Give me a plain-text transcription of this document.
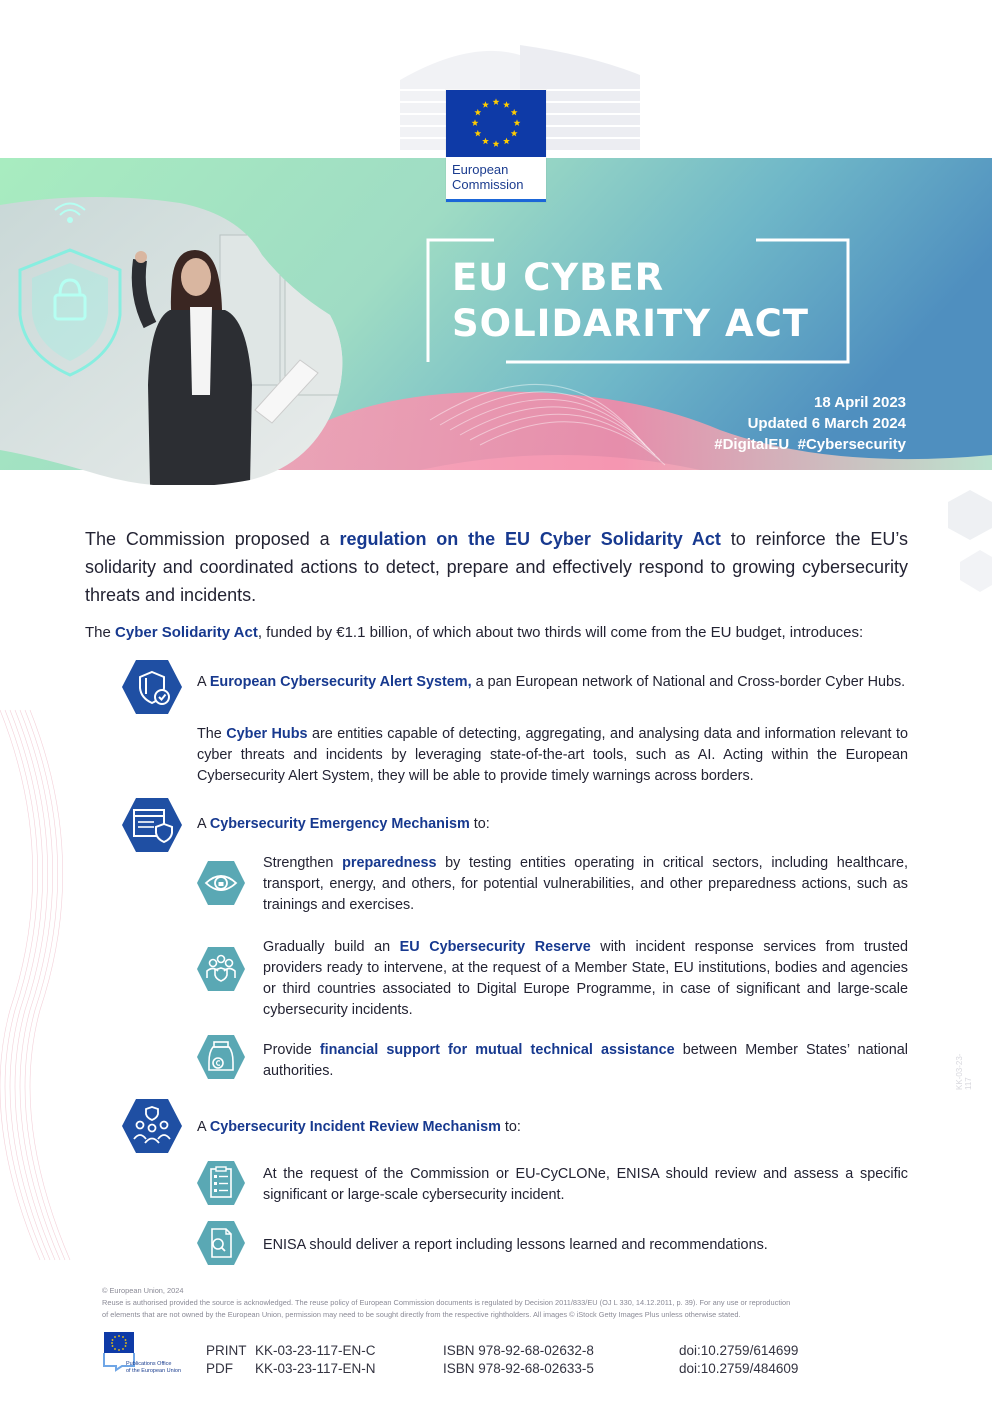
European
Commission
EU CYBER
SOLIDARITY ACT
18 April 2023
Updated 6 March 2024
#DigitalEU  #Cybersecurity

The Commission proposed a regulation on the EU Cyber Solidarity Act to reinforce the EU’s solidarity and coordinated actions to detect, prepare and effectively respond to growing cybersecurity threats and incidents.

The Cyber Solidarity Act, funded by €1.1 billion, of which about two thirds will come from the EU budget, introduces:

A European Cybersecurity Alert System, a pan European network of National and Cross-border Cyber Hubs.

The Cyber Hubs are entities capable of detecting, aggregating, and analysing data and information relevant to cyber threats and incidents by leveraging state-of-the-art tools, such as AI. Acting within the European Cybersecurity Alert System, they will be able to provide timely warnings across borders.

A Cybersecurity Emergency Mechanism to:

Strengthen preparedness by testing entities operating in critical sectors, including healthcare, transport, energy, and others, for potential vulnerabilities, and other preparedness actions, such as trainings and exercises.

Gradually build an EU Cybersecurity Reserve with incident response services from trusted providers ready to intervene, at the request of a Member State, EU institutions, bodies and agencies or third countries associated to Digital Europe Programme, in case of significant and large-scale cybersecurity incidents.

Provide financial support for mutual technical assistance between Member States’ national authorities.

A Cybersecurity Incident Review Mechanism to:

At the request of the Commission or EU-CyCLONe, ENISA should review and assess a specific significant or large-scale cybersecurity incident.

ENISA should deliver a report including lessons learned and recommendations.

© European Union, 2024

Reuse is authorised provided the source is acknowledged. The reuse policy of European Commission documents is regulated by Decision 2011/833/EU (OJ L 330, 14.12.2011, p. 39). For any use or reproduction

of elements that are not owned by the European Union, permission may need to be sought directly from the respective rightholders. All images © iStock Getty Images Plus unless otherwise stated.

Publications Office
of the European Union
PRINT
PDF
KK-03-23-117-EN-C
KK-03-23-117-EN-N
ISBN 978-92-68-02632-8
ISBN 978-92-68-02633-5
doi:10.2759/614699
doi:10.2759/484609
KK-03-23-117
